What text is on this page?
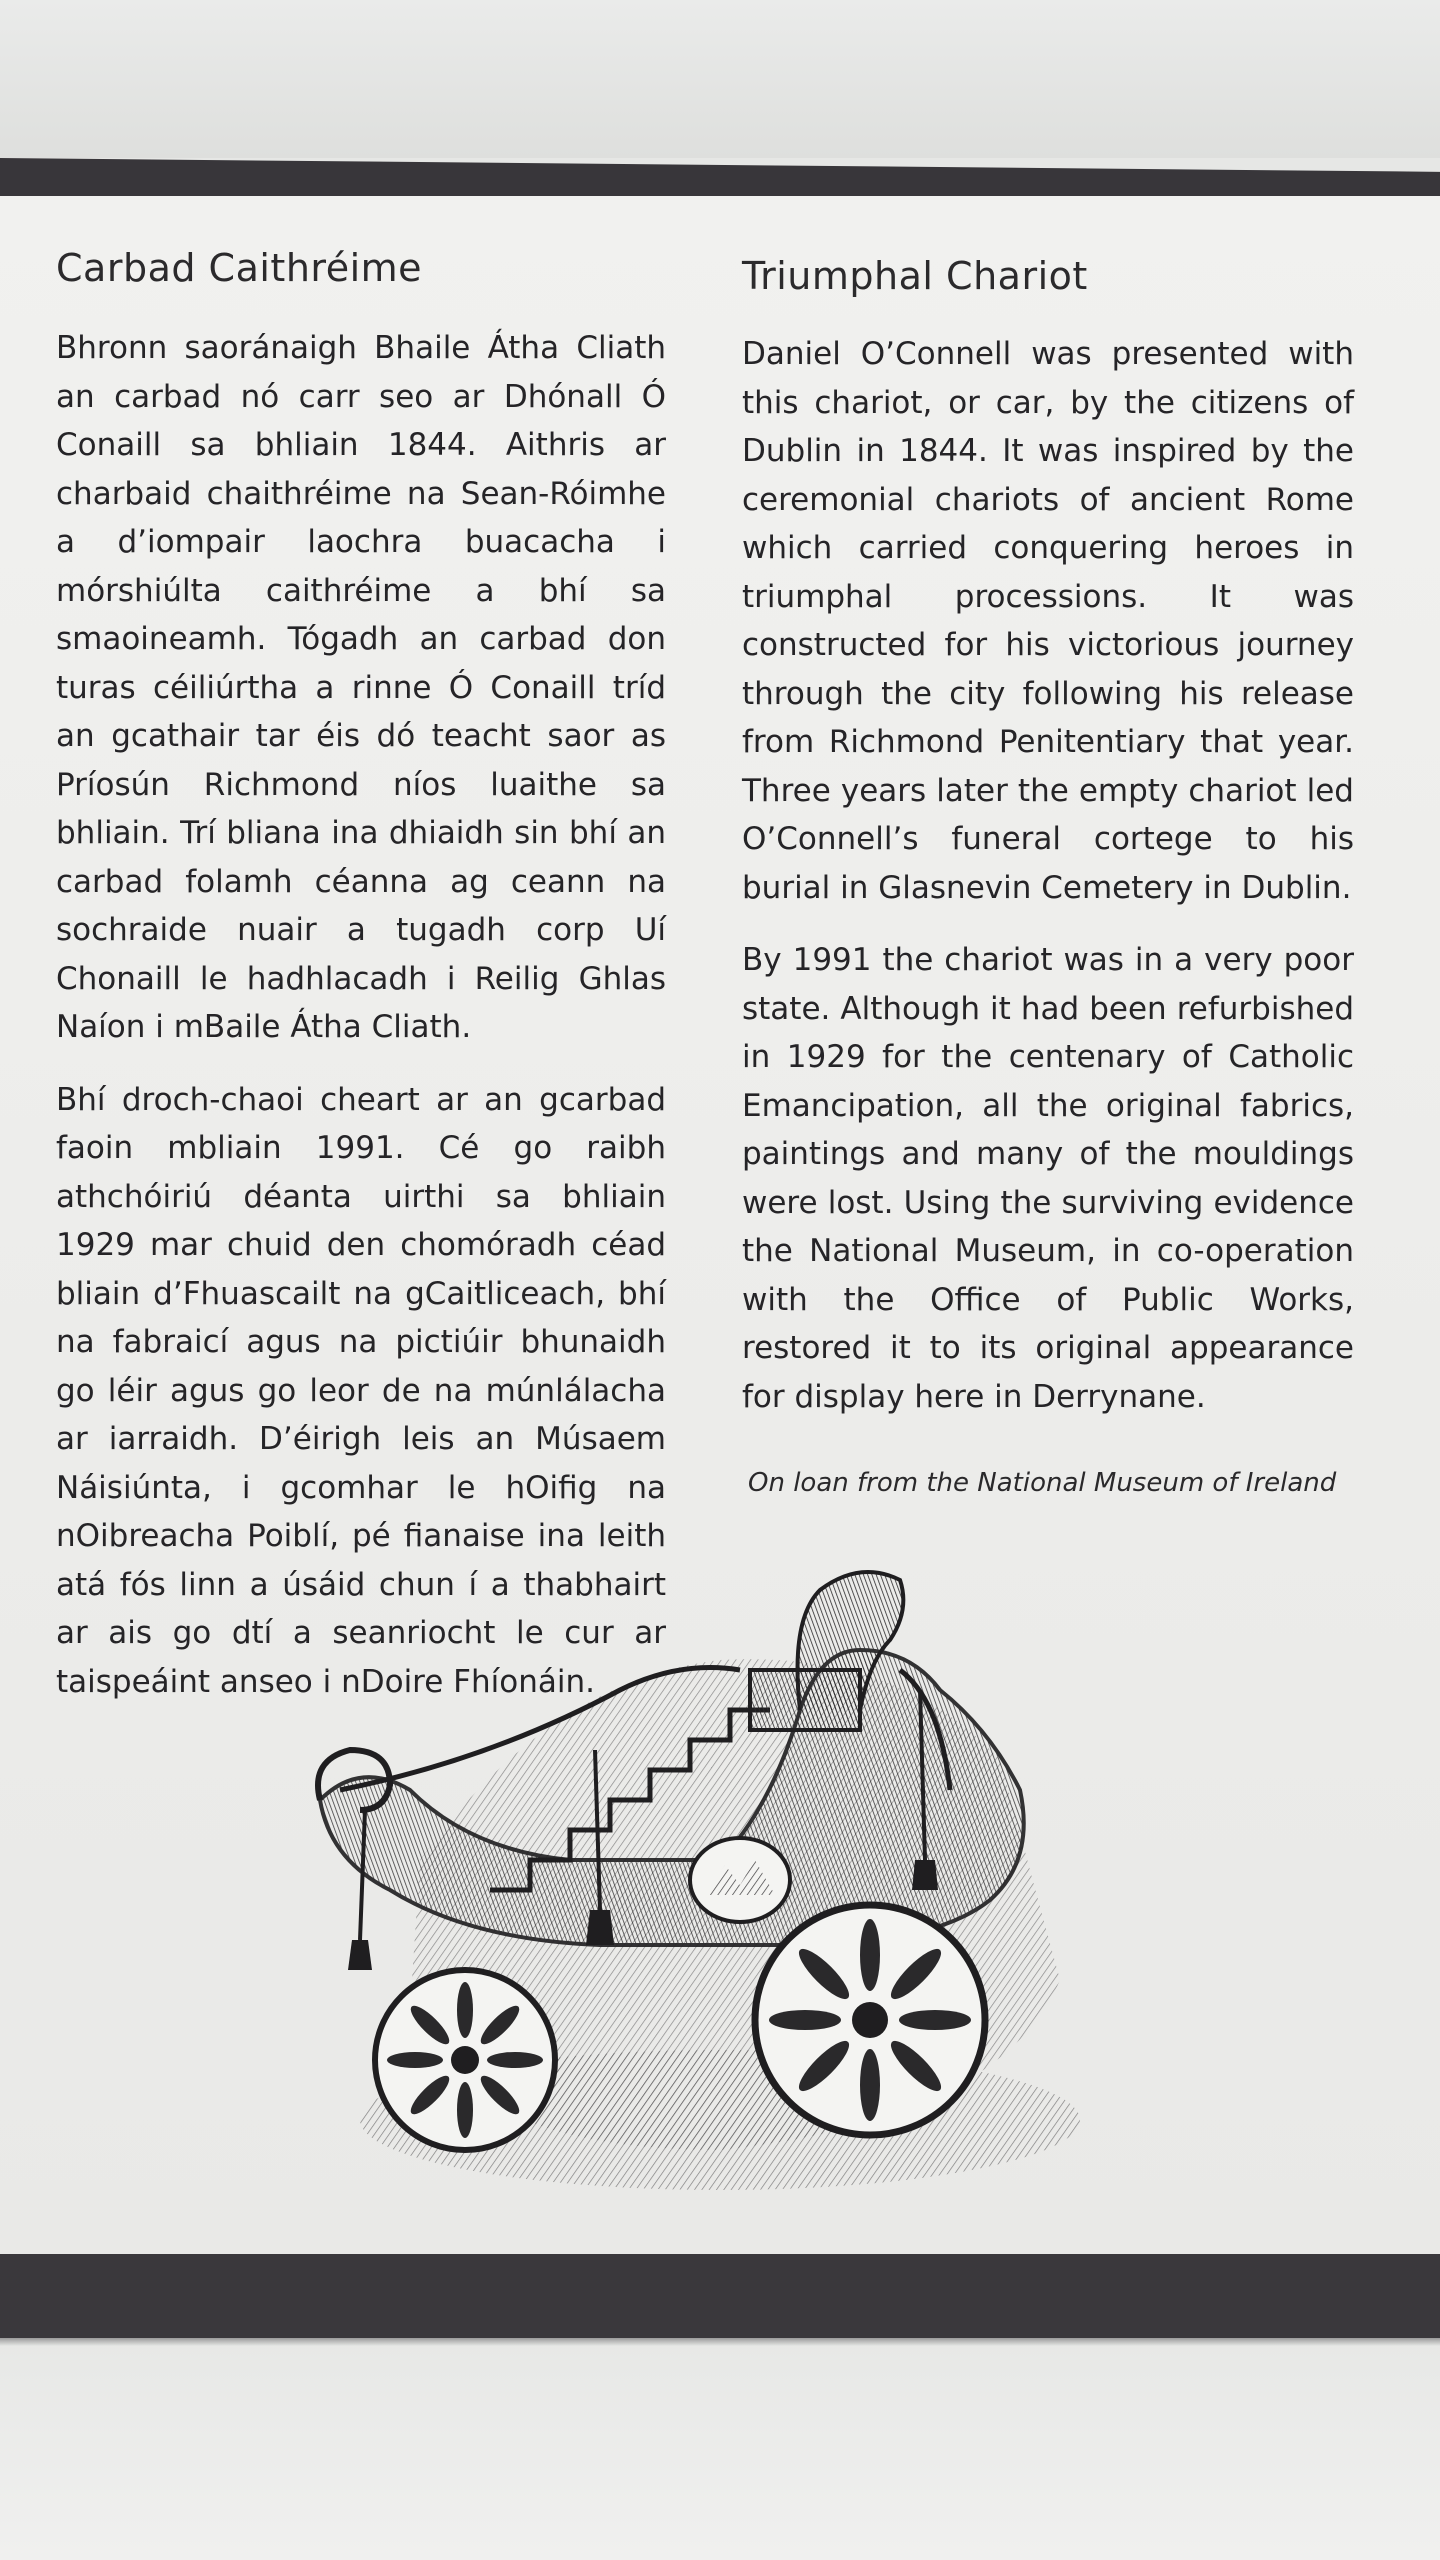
Carbad Caithréime

Bhronn saoránaigh Bhaile Átha Cliath an carbad nó carr seo ar Dhónall Ó Conaill sa bhliain 1844. Aithris ar charbaid chaithréime na Sean-Róimhe a d’iompair laochra buacacha i mórshiúlta caithréime a bhí sa smaoineamh. Tógadh an carbad don turas céiliúrtha a rinne Ó Conaill tríd an gcathair tar éis dó teacht saor as Príosún Richmond níos luaithe sa bhliain. Trí bliana ina dhiaidh sin bhí an carbad folamh céanna ag ceann na sochraide nuair a tugadh corp Uí Chonaill le hadhlacadh i Reilig Ghlas Naíon i mBaile Átha Cliath.

Bhí droch-chaoi cheart ar an gcarbad faoin mbliain 1991. Cé go raibh athchóiriú déanta uirthi sa bhliain 1929 mar chuid den chomóradh céad bliain d’Fhuascailt na gCaitliceach, bhí na fabraicí agus na pictiúir bhunaidh go léir agus go leor de na múnlálacha ar iarraidh. D’éirigh leis an Músaem Náisiúnta, i gcomhar le hOifig na nOibreacha Poiblí, pé fianaise ina leith atá fós linn a úsáid chun í a thabhairt ar ais go dtí a seanriocht le cur ar taispeáint anseo i nDoire Fhíonáin.

Triumphal Chariot

Daniel O’Connell was presented with this chariot, or car, by the citizens of Dublin in 1844. It was inspired by the ceremonial chariots of ancient Rome which carried conquering heroes in triumphal processions. It was constructed for his victorious journey through the city following his release from Richmond Penitentiary that year. Three years later the empty chariot led O’Connell’s funeral cortege to his burial in Glasnevin Cemetery in Dublin.

By 1991 the chariot was in a very poor state. Although it had been refurbished in 1929 for the centenary of Catholic Emancipation, all the original fabrics, paintings and many of the mouldings were lost. Using the surviving evidence the National Museum, in co-operation with the Office of Public Works, restored it to its original appearance for display here in Derrynane.

On loan from the National Museum of Ireland
